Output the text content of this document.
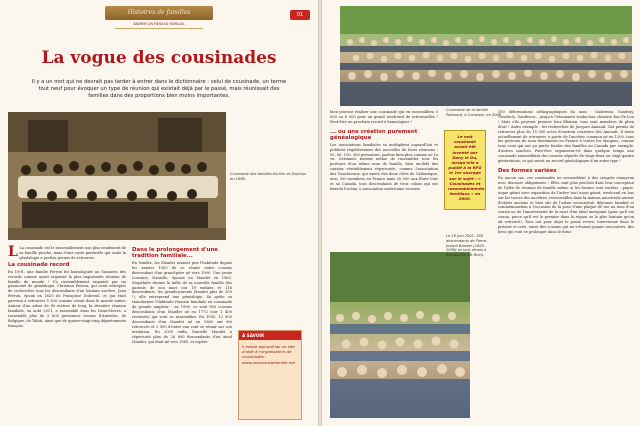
Histoires de familles
ANIMER UN RÉSEAU FAMILIAL
01
La vogue des cousinades

Il y a un mot qui ne devrait pas tarder à entrer dans le dictionnaire : celui de cousinade, un terme tout neuf pour évoquer un type de réunion qui existait déjà par le passé, mais réunissait des familles dans des proportions bien moins importantes.

Cousinade des familles Kocklin et Dolphus en 1886.

L La cousinade est le rassemblement non plus seulement de sa famille proche, mais d'une vaste parentèle qui seule la généalogie a porfois permis de retrouver.

La cousinade record

En 1991, une famille Ferron fut homologuée au Guinness des records comme ayant organisé la plus importante réunion de famille du monde ! Un rassemblement organisé par un passionné de généalogie, Christian Ferron, qui avait entrepris de rechercher tous les descendants d'un lointain ancêtre, Jean Ferron, époux en 1620 de Françoise Dubreuil, et qui était parvenu à retrouver 5 200 cousins vivant dans le monde entier. Autour d'un arbre de 80 mètres de long, la dernière réunion familiale, en août 2011, a rassemblé dans les Deux-Sèvres, a rassemblé plus de 2 600 personnes venues d'Autriche, de Belgique, de Tahiti, ainsi que de quatre-vingt-cinq départements français.

Dans le prolongement d'une tradition familiale...

En Vendée, les Maudet avaient pris l'habitude depuis les années 1950 de se réunir entre cousins descendant d'un grand-père né vers 1900. Une jeune Lorraine, Danielle, épouse un Maudet en 1963. Stupéfaite devant la taille de sa nouvelle famille (les parents de son mari ont 19 enfants et 116 descendants, les grands-parents Maudet plus de 300 !), elle entreprend une généalogie. Sa quête va transformer l'habitude réunion familiale en cousinade de grande ampleur : en 1990, ce sont 850 cousins descendants d'un Maudet né en 1772 (sur 1 400 recensés) qui vont se rassembler. En 1995, 12 800 descendants d'un Maudet né en 1665 ont été retrouvés et 2 500 d'entre eux vont se réunir sur son invitation. En 2005 enfin, Danielle Maudet a répertorié plus de 26 000 descendants d'un aïeul Maudet, qui était né vers 1565, et espère

À SAVOIR

Il existe aujourd'hui un site d'aide à l'organisation de cousinades : www.reunionsdefamille.net

Cousinade de la famille Palissard, à Compass, en 2006.

bien pouvoir réaliser une cousinade qui en rassemblera 5 000 ou 6 000 pour un grand week-end de retrouvailles ! Peut-être un prochain record à homologuer !

... ou une création purement généalogique

Les associations familiales se multiplient aujourd'hui et publient régulièrement des nouvelles de leurs réunions : 50, 80, 100, 300 personnes, parfois bien plus comme on l'a vu. Certaines tentent même de rassembler tous les porteurs d'un même nom de famille, bien au-delà des cousins véritablement répertoriés, comme l'association des Gaucheraux, qui existe des deux côtés de l'Atlantique, avec 200 membres en France mais 20 000 aux États-Unis et au Canada, tous descendants de trois colons qui ont franchi l'océan. L'association américaine recense

Le mot cousinade aurait été inventé par Dany le Du, lorsqu'elle a publié à la RFG le 1er ouvrage sur le sujet : « Cousinades et rassemblements familiaux » en 2000.

Le 16 juin 2002, 350 descendants de Pierre-Joseph Barbier (1825-1898) se sont réunis à Ribeauvillé (Ht-Rhin).

150 déformations orthographiques du nom : Gadereau, Gaudray, Goodrich, Gauthrow... jusqu'à l'étonnante traduction chinoise Kao-Te-Lou ! Mais s'ils peuvent prouver leur filiation, tous sont membres de plein droit ! Autre exemple : les recherches de Jacques Amiaud. Ont permis de retrouver plus de 15 000 actes d'environ courriers des Amiault. Il tente actuellement de retrouver, à partir de l'ancêtre commun né en 1200, tous les porteurs du nom disséminés en France à toutes les époques, comme tous ceux qui ont pu partir fonder des familles au Canada par exemple, d'autres souches. Peut-être organisera-t-il dans quelque temps une cousinade rassemblant des cousins séparés de vingt-deux ou vingt-quatre générations, ce qui serait un record généalogique d'un autre type !

Des formes variées

En aucun cas, ces cousinades ne ressemblent à des congrès ennuyeux avec discours obligatoires ! Elles sont plus proches dans leur conception de l'idée de réunion de famille même si les formes sont variées : pique-nique géant avec exposition de l'arbre tout aussi géant, week-end en bus sur les traces des ancêtres, retrouvailles dans la maison ancestrale autour d'objets anciens et bien sûr de l'arbre reconstitué, déjeuner familial et commémoration à l'occasion de la pose d'une plaque de rue au nom d'un cousin ou de l'anniversaire de la mort d'un aïeul marquant (pour qu'il est connu, parce qu'il est le premier dans la région ou la plus lointain qu'on ait retrouvé). Tous ont pour objet le passé revive, intervienne dans le présent et crée, entre des cousins qui ne s'étaient jamais rencontrés, des liens qui vont se prolonger dans le futur.
